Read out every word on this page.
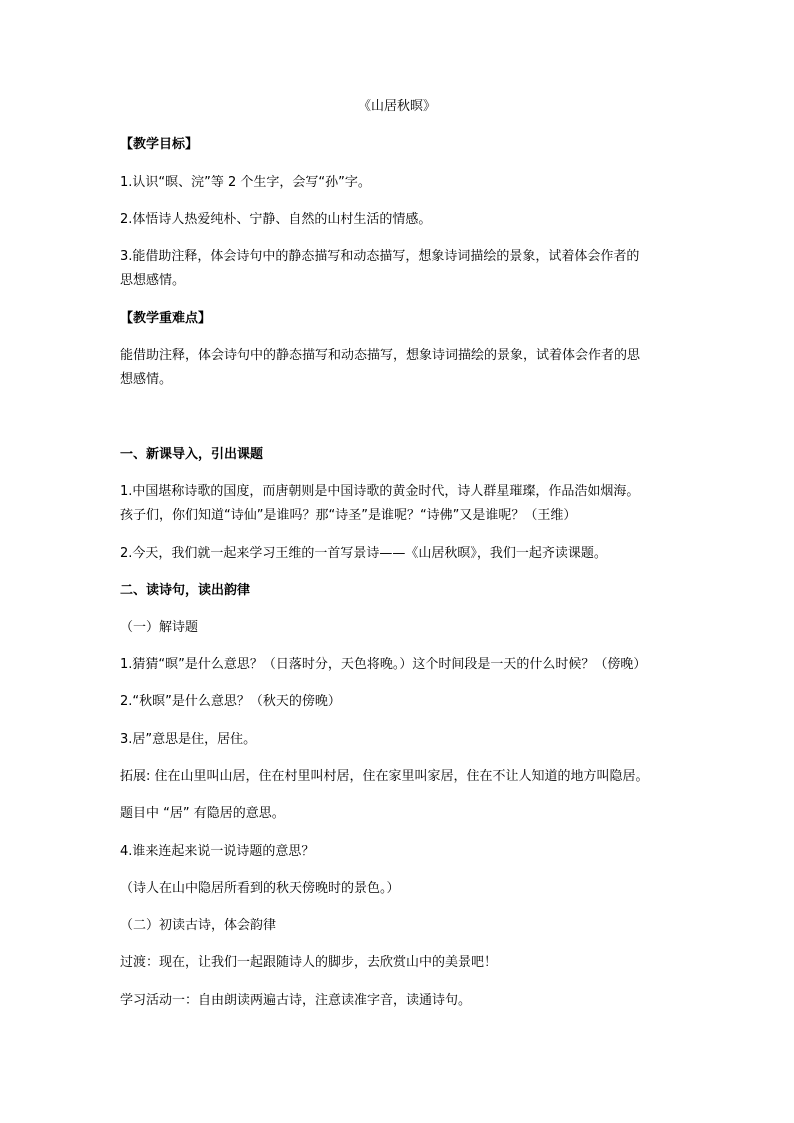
《山居秋暝》
【教学目标】
1.认识“暝、浣”等 2 个生字，会写“孙”字。
2.体悟诗人热爱纯朴、宁静、自然的山村生活的情感。
3.能借助注释，体会诗句中的静态描写和动态描写，想象诗词描绘的景象，试着体会作者的
思想感情。
【教学重难点】
能借助注释，体会诗句中的静态描写和动态描写，想象诗词描绘的景象，试着体会作者的思
想感情。
一、新课导入，引出课题
1.中国堪称诗歌的国度，而唐朝则是中国诗歌的黄金时代，诗人群星璀璨，作品浩如烟海。
孩子们，你们知道“诗仙”是谁吗？那“诗圣”是谁呢？“诗佛”又是谁呢？（王维）
2.今天，我们就一起来学习王维的一首写景诗——《山居秋暝》，我们一起齐读课题。
二、读诗句，读出韵律
（一）解诗题
1.猜猜“暝”是什么意思？（日落时分，天色将晚。）这个时间段是一天的什么时候？（傍晚）
2.“秋暝”是什么意思？（秋天的傍晚）
3.居”意思是住，居住。
拓展: 住在山里叫山居，住在村里叫村居，住在家里叫家居，住在不让人知道的地方叫隐居。
题目中 “居” 有隐居的意思。
4.谁来连起来说一说诗题的意思？
（诗人在山中隐居所看到的秋天傍晚时的景色。）
（二）初读古诗，体会韵律
过渡：现在，让我们一起跟随诗人的脚步，去欣赏山中的美景吧！
学习活动一：自由朗读两遍古诗，注意读准字音，读通诗句。
